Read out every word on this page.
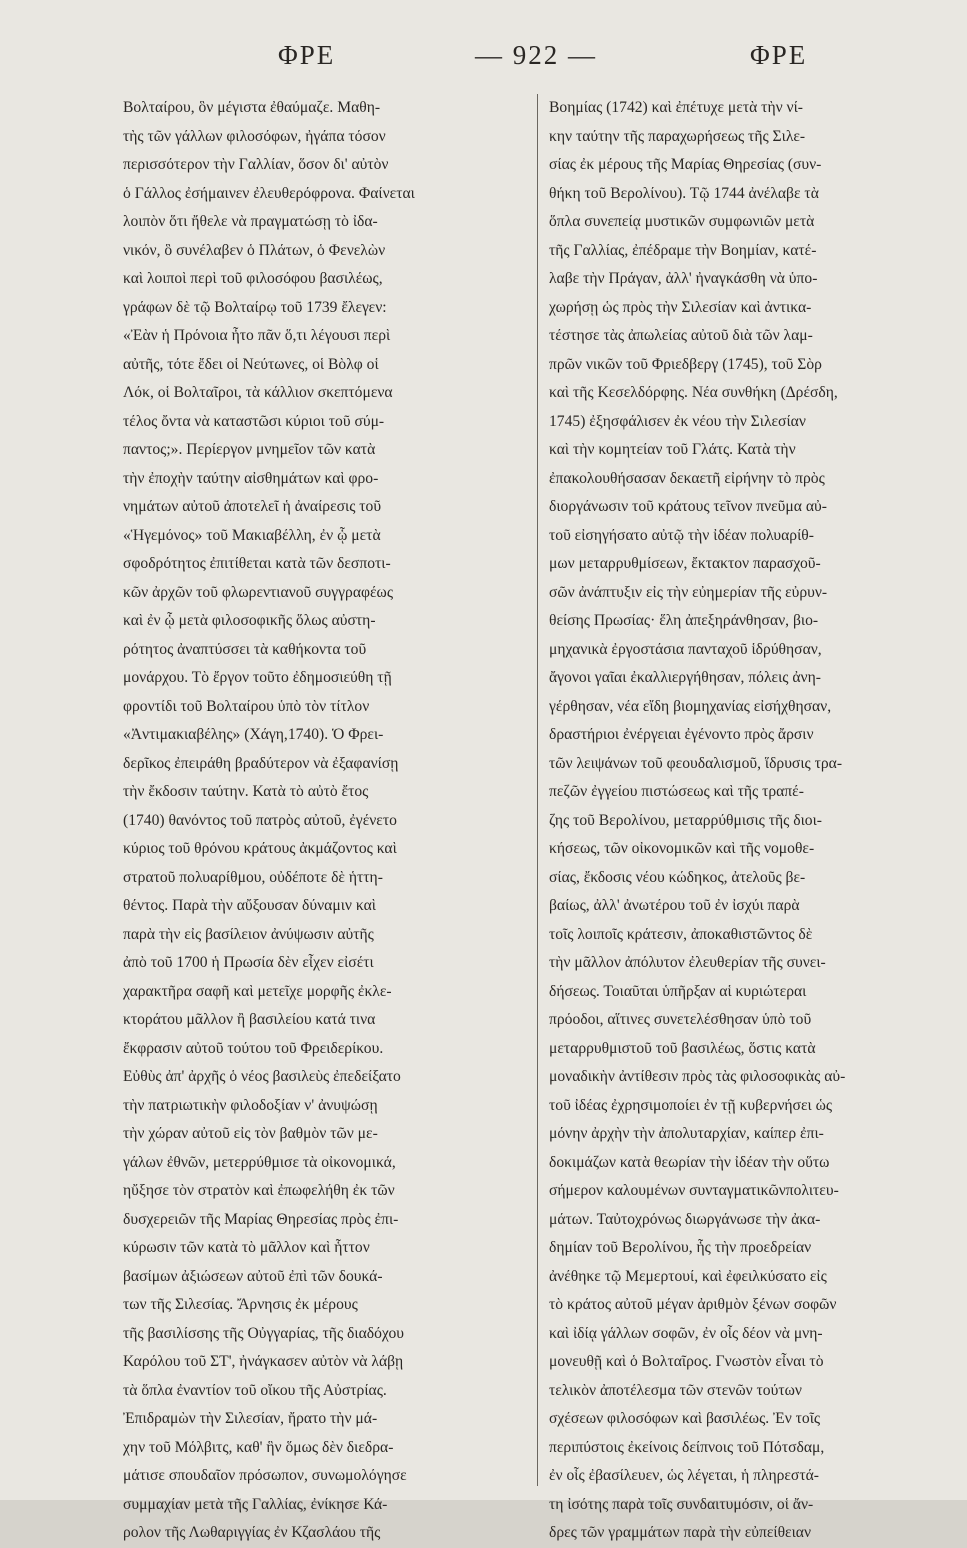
ΦΡΕ	— 922 —	ΦΡΕ
Βολταίρου, ὃν μέγιστα ἐθαύμαζε. Μαθη-
τὴς τῶν γάλλων φιλοσόφων, ἠγάπα τόσον
περισσότερον τὴν Γαλλίαν, ὅσον δι' αὐτὸν
ὁ Γάλλος ἐσήμαινεν ἐλευθερόφρονα. Φαίνεται
λοιπὸν ὅτι ἤθελε νὰ πραγματώσῃ τὸ ἰδα-
νικόν, ὃ συνέλαβεν ὁ Πλάτων, ὁ Φενελὼν
καὶ λοιποὶ περὶ τοῦ φιλοσόφου βασιλέως,
γράφων δὲ τῷ Βολταίρῳ τοῦ 1739 ἔλεγεν:
«Ἐὰν ἡ Πρόνοια ἦτο πᾶν ὅ,τι λέγουσι περὶ
αὐτῆς, τότε ἔδει οἱ Νεύτωνες, οἱ Βὸλφ οἱ
Λόκ, οἱ Βολταῖροι, τὰ κάλλιον σκεπτόμενα
τέλος ὄντα νὰ καταστῶσι κύριοι τοῦ σύμ-
παντος;». Περίεργον μνημεῖον τῶν κατὰ
τὴν ἐποχὴν ταύτην αἰσθημάτων καὶ φρο-
νημάτων αὐτοῦ ἀποτελεῖ ἡ ἀναίρεσις τοῦ
«Ἡγεμόνος» τοῦ Μακιαβέλλη, ἐν ᾧ μετὰ
σφοδρότητος ἐπιτίθεται κατὰ τῶν δεσποτι-
κῶν ἀρχῶν τοῦ φλωρεντιανοῦ συγγραφέως
καὶ ἐν ᾧ μετὰ φιλοσοφικῆς ὅλως αὐστη-
ρότητος ἀναπτύσσει τὰ καθήκοντα τοῦ
μονάρχου. Τὸ ἔργον τοῦτο ἐδημοσιεύθη τῇ
φροντίδι τοῦ Βολταίρου ὑπὸ τὸν τίτλον
«Ἀντιμακιαβέλης» (Χάγη,1740). Ὁ Φρει-
δερῖκος ἐπειράθη βραδύτερον νὰ ἐξαφανίσῃ
τὴν ἔκδοσιν ταύτην. Κατὰ τὸ αὐτὸ ἔτος
(1740) θανόντος τοῦ πατρὸς αὐτοῦ, ἐγένετο
κύριος τοῦ θρόνου κράτους ἀκμάζοντος καὶ
στρατοῦ πολυαρίθμου, οὐδέποτε δὲ ἡττη-
θέντος. Παρὰ τὴν αὔξουσαν δύναμιν καὶ
παρὰ τὴν εἰς βασίλειον ἀνύψωσιν αὐτῆς
ἀπὸ τοῦ 1700 ἡ Πρωσία δὲν εἶχεν εἰσέτι
χαρακτῆρα σαφῆ καὶ μετεῖχε μορφῆς ἐκλε-
κτοράτου μᾶλλον ἢ βασιλείου κατά τινα
ἔκφρασιν αὐτοῦ τούτου τοῦ Φρειδερίκου.
Εὐθὺς ἀπ' ἀρχῆς ὁ νέος βασιλεὺς ἐπεδείξατο
τὴν πατριωτικὴν φιλοδοξίαν ν' ἀνυψώσῃ
τὴν χώραν αὐτοῦ εἰς τὸν βαθμὸν τῶν με-
γάλων ἐθνῶν, μετερρύθμισε τὰ οἰκονομικά,
ηὔξησε τὸν στρατὸν καὶ ἐπωφελήθη ἐκ τῶν
δυσχερειῶν τῆς Μαρίας Θηρεσίας πρὸς ἐπι-
κύρωσιν τῶν κατὰ τὸ μᾶλλον καὶ ἧττον
βασίμων ἀξιώσεων αὐτοῦ ἐπὶ τῶν δουκά-
των τῆς Σιλεσίας. Ἄρνησις ἐκ μέρους
τῆς βασιλίσσης τῆς Οὐγγαρίας, τῆς διαδόχου
Καρόλου τοῦ ΣΤ', ἠνάγκασεν αὐτὸν νὰ λάβῃ
τὰ ὅπλα ἐναντίον τοῦ οἴκου τῆς Αὐστρίας.
Ἐπιδραμὼν τὴν Σιλεσίαν, ἤρατο τὴν μά-
χην τοῦ Μόλβιτς, καθ' ἣν ὅμως δὲν διεδρα-
μάτισε σπουδαῖον πρόσωπον, συνωμολόγησε
συμμαχίαν μετὰ τῆς Γαλλίας, ἐνίκησε Κά-
ρολον τῆς Λωθαριγγίας ἐν Κζασλάου τῆς
Βοημίας (1742) καὶ ἐπέτυχε μετὰ τὴν νί-
κην ταύτην τῆς παραχωρήσεως τῆς Σιλε-
σίας ἐκ μέρους τῆς Μαρίας Θηρεσίας (συν-
θήκη τοῦ Βερολίνου). Τῷ 1744 ἀνέλαβε τὰ
ὅπλα συνεπείᾳ μυστικῶν συμφωνιῶν μετὰ
τῆς Γαλλίας, ἐπέδραμε τὴν Βοημίαν, κατέ-
λαβε τὴν Πράγαν, ἀλλ' ἠναγκάσθη νὰ ὑπο-
χωρήσῃ ὡς πρὸς τὴν Σιλεσίαν καὶ ἀντικα-
τέστησε τὰς ἀπωλείας αὐτοῦ διὰ τῶν λαμ-
πρῶν νικῶν τοῦ Φριεδβεργ (1745), τοῦ Σὸρ
καὶ τῆς Κεσελδόρφης. Νέα συνθήκη (Δρέσδη,
1745) ἐξησφάλισεν ἐκ νέου τὴν Σιλεσίαν
καὶ τὴν κομητείαν τοῦ Γλάτς. Κατὰ τὴν
ἐπακολουθήσασαν δεκαετῆ εἰρήνην τὸ πρὸς
διοργάνωσιν τοῦ κράτους τεῖνον πνεῦμα αὐ-
τοῦ εἰσηγήσατο αὐτῷ τὴν ἰδέαν πολυαρίθ-
μων μεταρρυθμίσεων, ἔκτακτον παρασχοῦ-
σῶν ἀνάπτυξιν εἰς τὴν εὐημερίαν τῆς εὐρυν-
θείσης Πρωσίας· ἕλη ἀπεξηράνθησαν, βιο-
μηχανικὰ ἐργοστάσια πανταχοῦ ἱδρύθησαν,
ἄγονοι γαῖαι ἐκαλλιεργήθησαν, πόλεις ἀνη-
γέρθησαν, νέα εἴδη βιομηχανίας εἰσήχθησαν,
δραστήριοι ἐνέργειαι ἐγένοντο πρὸς ἄρσιν
τῶν λειψάνων τοῦ φεουδαλισμοῦ, ἵδρυσις τρα-
πεζῶν ἐγγείου πιστώσεως καὶ τῆς τραπέ-
ζης τοῦ Βερολίνου, μεταρρύθμισις τῆς διοι-
κήσεως, τῶν οἰκονομικῶν καὶ τῆς νομοθε-
σίας, ἔκδοσις νέου κώδηκος, ἀτελοῦς βε-
βαίως, ἀλλ' ἀνωτέρου τοῦ ἐν ἰσχύι παρὰ
τοῖς λοιποῖς κράτεσιν, ἀποκαθιστῶντος δὲ
τὴν μᾶλλον ἀπόλυτον ἐλευθερίαν τῆς συνει-
δήσεως. Τοιαῦται ὑπῆρξαν αἱ κυριώτεραι
πρόοδοι, αἵτινες συνετελέσθησαν ὑπὸ τοῦ
μεταρρυθμιστοῦ τοῦ βασιλέως, ὅστις κατὰ
μοναδικὴν ἀντίθεσιν πρὸς τὰς φιλοσοφικὰς αὐ-
τοῦ ἰδέας ἐχρησιμοποίει ἐν τῇ κυβερνήσει ὡς
μόνην ἀρχὴν τὴν ἀπολυταρχίαν, καίπερ ἐπι-
δοκιμάζων κατὰ θεωρίαν τὴν ἰδέαν τὴν οὕτω
σήμερον καλουμένων συνταγματικῶνπολιτευ-
μάτων. Ταὐτοχρόνως διωργάνωσε τὴν ἀκα-
δημίαν τοῦ Βερολίνου, ἧς τὴν προεδρείαν
ἀνέθηκε τῷ Μεμερτουί, καὶ ἐφειλκύσατο εἰς
τὸ κράτος αὐτοῦ μέγαν ἀριθμὸν ξένων σοφῶν
καὶ ἰδίᾳ γάλλων σοφῶν, ἐν οἷς δέον νὰ μνη-
μονευθῇ καὶ ὁ Βολταῖρος. Γνωστὸν εἶναι τὸ
τελικὸν ἀποτέλεσμα τῶν στενῶν τούτων
σχέσεων φιλοσόφων καὶ βασιλέως. Ἐν τοῖς
περιπύστοις ἐκείνοις δείπνοις τοῦ Πότσδαμ,
ἐν οἷς ἐβασίλευεν, ὡς λέγεται, ἡ πληρεστά-
τη ἰσότης παρὰ τοῖς συνδαιτυμόσιν, οἱ ἄν-
δρες τῶν γραμμάτων παρὰ τὴν εὐπείθειαν
